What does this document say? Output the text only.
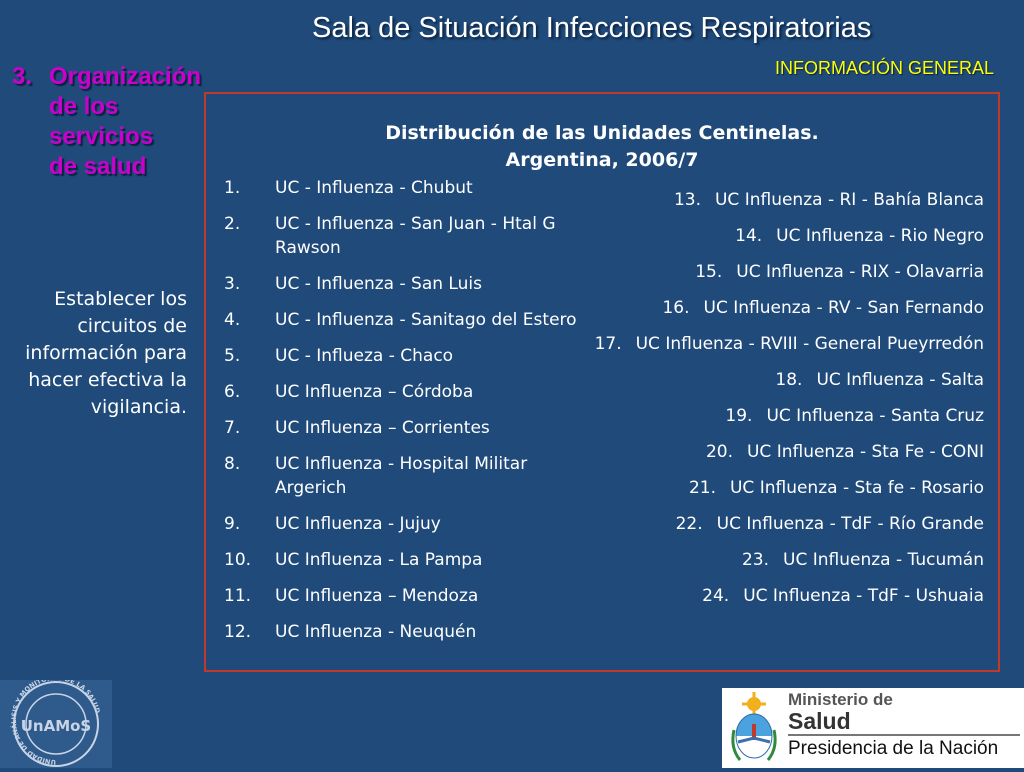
Sala de Situación Infecciones Respiratorias
INFORMACIÓN GENERAL
3. Organización
de los
servicios
de salud
Establecer los circuitos de información para hacer efectiva la vigilancia.
Distribución de las Unidades Centinelas.
Argentina, 2006/7
1.	UC - Influenza - Chubut
2.	UC - Influenza - San Juan - Htal G Rawson
3.	UC - Influenza - San Luis
4.	UC - Influenza - Sanitago del Estero
5.	UC - Influeza - Chaco
6.	UC Influenza – Córdoba
7.	UC Influenza – Corrientes
8.	UC Influenza - Hospital Militar Argerich
9.	UC Influenza - Jujuy
10.	UC Influenza - La Pampa
11.	UC Influenza – Mendoza
12.	UC Influenza - Neuquén
13. UC Influenza - RI - Bahía Blanca
14. UC Influenza - Rio Negro
15. UC Influenza - RIX - Olavarria
16. UC Influenza - RV - San Fernando
17. UC Influenza - RVIII - General Pueyrredón
18. UC Influenza - Salta
19. UC Influenza - Santa Cruz
20. UC Influenza - Sta Fe - CONI
21. UC Influenza - Sta fe - Rosario
22. UC Influenza - TdF - Río Grande
23. UC Influenza - Tucumán
24. UC Influenza - TdF - Ushuaia
UNIDAD DE ANÁLISIS Y MONIT E LA SALUD
UnAMoS
Ministerio de
Salud
Presidencia de la Nación
